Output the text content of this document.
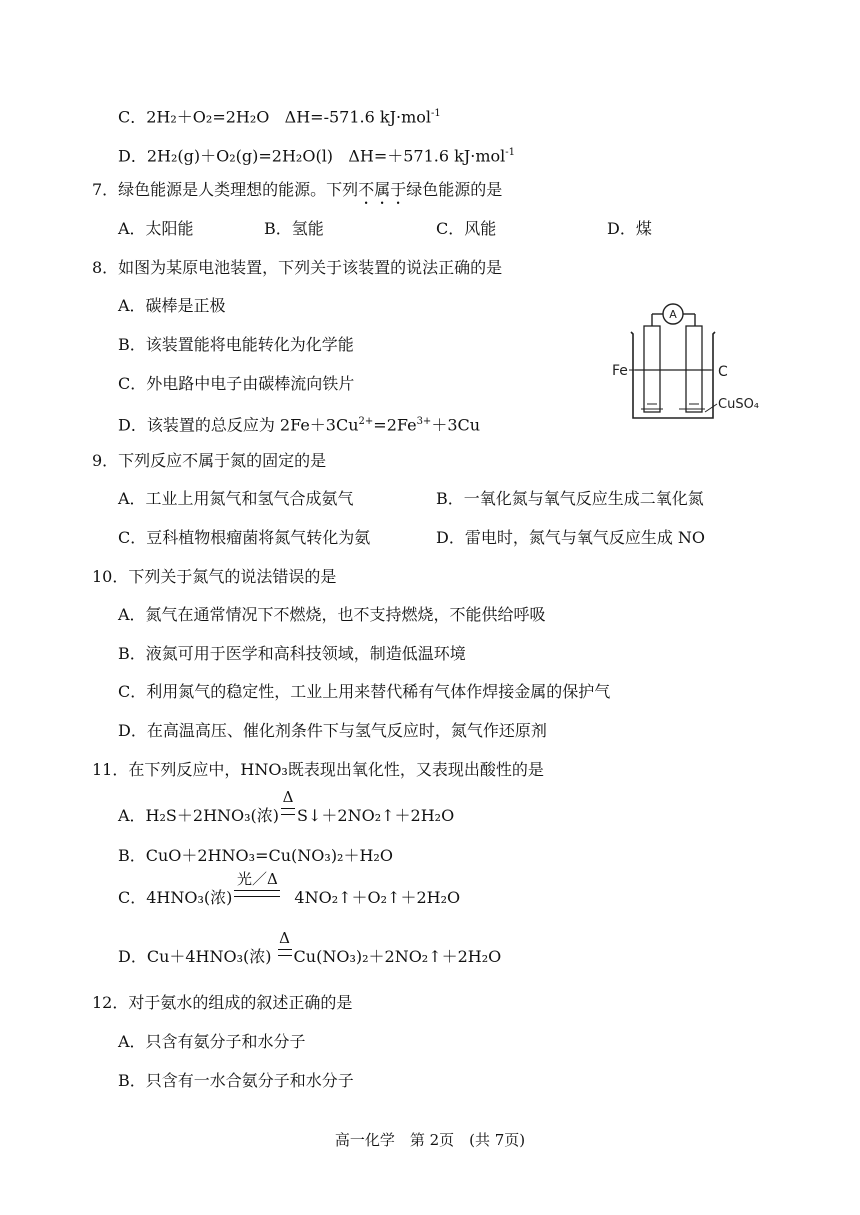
C．2H₂＋O₂=2H₂O ΔH=-571.6 kJ·mol$^{-1}$
D．2H₂(g)＋O₂(g)=2H₂O(l) ΔH=＋571.6 kJ·mol$^{-1}$
7．绿色能源是人类理想的能源。下列不属于绿色能源的是
A．太阳能	B．氢能	C．风能	D．煤
8．如图为某原电池装置，下列关于该装置的说法正确的是
A．碳棒是正极
B．该装置能将电能转化为化学能
C．外电路中电子由碳棒流向铁片
D．该装置的总反应为 $2Fe+3Cu^{2+}=2Fe^{3+}+3Cu$
A
Fe	C
CuSO₄
9．下列反应不属于氮的固定的是
A．工业上用氮气和氢气合成氨气	B．一氧化氮与氧气反应生成二氧化氮
C．豆科植物根瘤菌将氮气转化为氨	D．雷电时，氮气与氧气反应生成 NO
10．下列关于氮气的说法错误的是
A．氮气在通常情况下不燃烧，也不支持燃烧，不能供给呼吸
B．液氮可用于医学和高科技领域，制造低温环境
C．利用氮气的稳定性，工业上用来替代稀有气体作焊接金属的保护气
D．在高温高压、催化剂条件下与氢气反应时，氮气作还原剂
11．在下列反应中，HNO₃既表现出氧化性，又表现出酸性的是
A．H₂S＋2HNO₃(浓)
Δ
S↓＋2NO₂↑＋2H₂O
B．CuO＋2HNO₃=Cu(NO₃)₂＋H₂O
C．4HNO₃(浓)
光／Δ
4NO₂↑＋O₂↑＋2H₂O
D．Cu＋4HNO₃(浓)
Δ
Cu(NO₃)₂＋2NO₂↑＋2H₂O
12．对于氨水的组成的叙述正确的是
A．只含有氨分子和水分子
B．只含有一水合氨分子和水分子
高一化学　第 2页　(共 7页)
